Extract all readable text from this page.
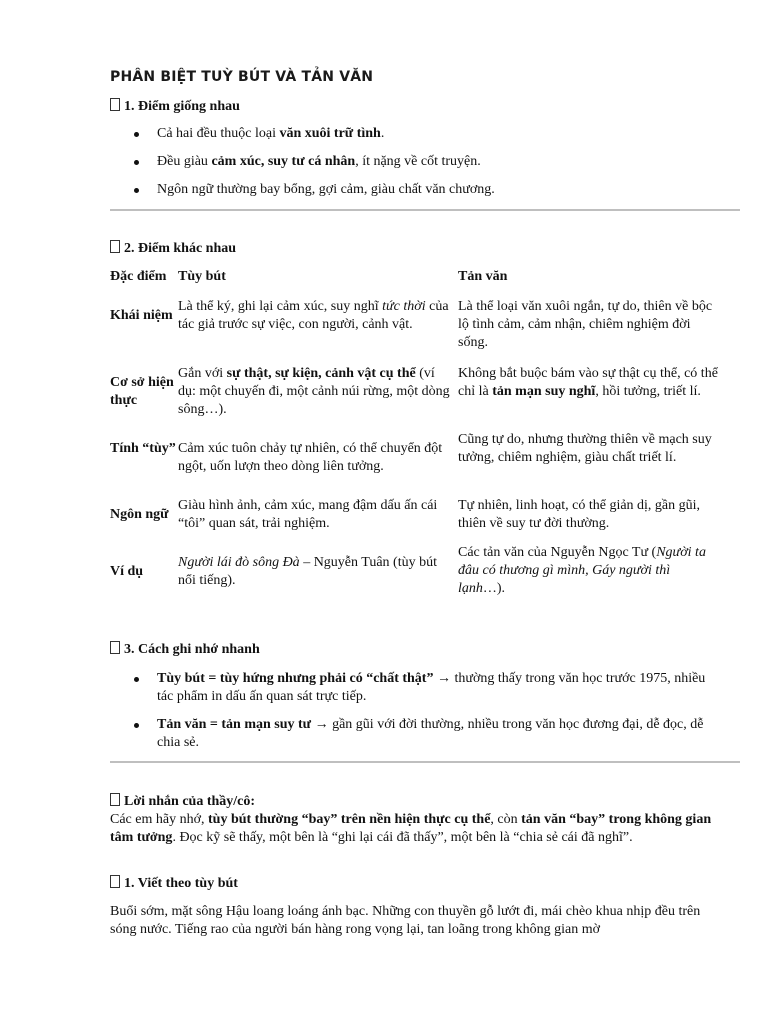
PHÂN BIỆT TUỲ BÚT VÀ TẢN VĂN
1. Điểm giống nhau
Cả hai đều thuộc loại văn xuôi trữ tình.
Đều giàu cảm xúc, suy tư cá nhân, ít nặng về cốt truyện.
Ngôn ngữ thường bay bổng, gợi cảm, giàu chất văn chương.
2. Điểm khác nhau
Đặc điểm Tùy bút	Tản văn
Khái niệm
Là thể ký, ghi lại cảm xúc, suy nghĩ tức thời của tác giả trước sự việc, con người, cảnh vật.
Là thể loại văn xuôi ngắn, tự do, thiên về bộc lộ tình cảm, cảm nhận, chiêm nghiệm đời sống.
Cơ sở hiện thực
Gắn với sự thật, sự kiện, cảnh vật cụ thể (ví dụ: một chuyến đi, một cảnh núi rừng, một dòng sông…).
Không bắt buộc bám vào sự thật cụ thể, có thể chỉ là tản mạn suy nghĩ, hồi tưởng, triết lí.
Tính “tùy” Cảm xúc tuôn chảy tự nhiên, có thể chuyển đột ngột, uốn lượn theo dòng liên tưởng.
Cũng tự do, nhưng thường thiên về mạch suy tưởng, chiêm nghiệm, giàu chất triết lí.
Ngôn ngữ
Giàu hình ảnh, cảm xúc, mang đậm dấu ấn cái “tôi” quan sát, trải nghiệm.
Tự nhiên, linh hoạt, có thể giản dị, gần gũi, thiên về suy tư đời thường.
Ví dụ
Người lái đò sông Đà – Nguyễn Tuân (tùy bút nổi tiếng).
Các tản văn của Nguyễn Ngọc Tư (Người ta đâu có thương gì mình, Gáy người thì lạnh…).
3. Cách ghi nhớ nhanh
Tùy bút = tùy hứng nhưng phải có “chất thật” → thường thấy trong văn học trước 1975, nhiều tác phẩm in dấu ấn quan sát trực tiếp.
Tản văn = tản mạn suy tư → gần gũi với đời thường, nhiều trong văn học đương đại, dễ đọc, dễ chia sẻ.
Lời nhắn của thầy/cô:
Các em hãy nhớ, tùy bút thường “bay” trên nền hiện thực cụ thể, còn tản văn “bay” trong không gian tâm tưởng. Đọc kỹ sẽ thấy, một bên là “ghi lại cái đã thấy”, một bên là “chia sẻ cái đã nghĩ”.
1. Viết theo tùy bút
Buổi sớm, mặt sông Hậu loang loáng ánh bạc. Những con thuyền gỗ lướt đi, mái chèo khua nhịp đều trên sóng nước. Tiếng rao của người bán hàng rong vọng lại, tan loãng trong không gian mờ
